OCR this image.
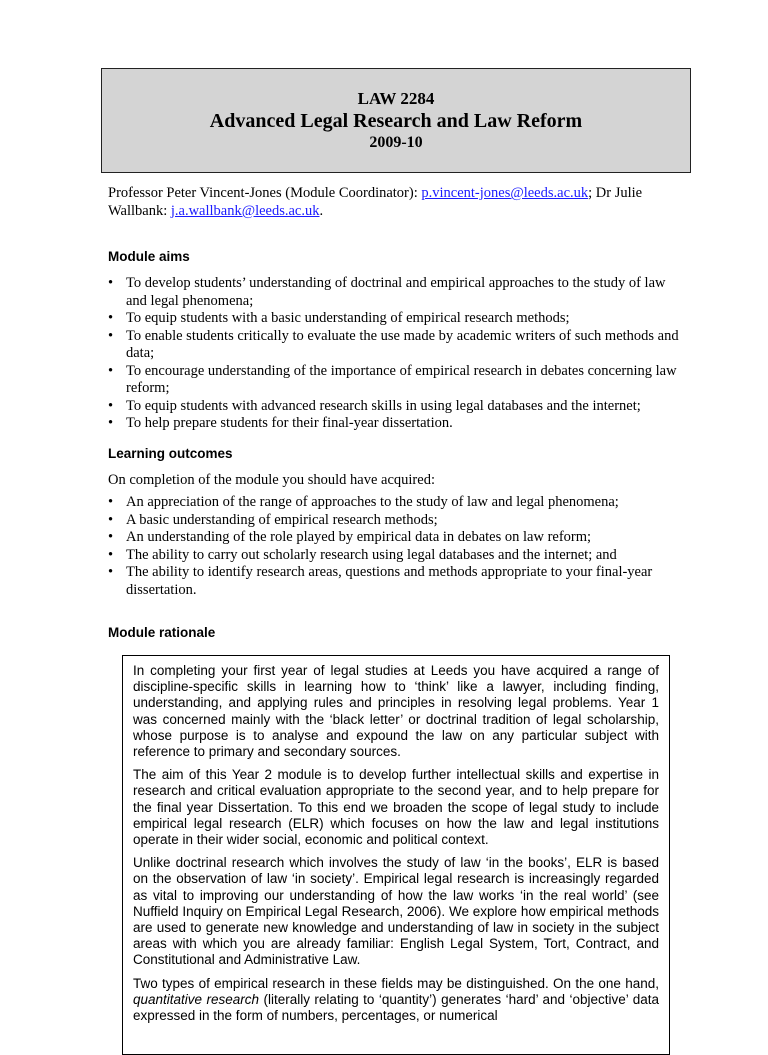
LAW 2284
Advanced Legal Research and Law Reform
2009-10
Professor Peter Vincent-Jones (Module Coordinator): p.vincent-jones@leeds.ac.uk; Dr Julie Wallbank: j.a.wallbank@leeds.ac.uk.
Module aims
• To develop students’ understanding of doctrinal and empirical approaches to the study of law and legal phenomena;
• To equip students with a basic understanding of empirical research methods;
• To enable students critically to evaluate the use made by academic writers of such methods and data;
• To encourage understanding of the importance of empirical research in debates concerning law reform;
• To equip students with advanced research skills in using legal databases and the internet;
• To help prepare students for their final-year dissertation.
Learning outcomes
On completion of the module you should have acquired:
• An appreciation of the range of approaches to the study of law and legal phenomena;
• A basic understanding of empirical research methods;
• An understanding of the role played by empirical data in debates on law reform;
• The ability to carry out scholarly research using legal databases and the internet; and
• The ability to identify research areas, questions and methods appropriate to your final-year dissertation.
Module rationale

In completing your first year of legal studies at Leeds you have acquired a range of discipline-specific skills in learning how to ‘think’ like a lawyer, including finding, understanding, and applying rules and principles in resolving legal problems. Year 1 was concerned mainly with the ‘black letter’ or doctrinal tradition of legal scholarship, whose purpose is to analyse and expound the law on any particular subject with reference to primary and secondary sources.

The aim of this Year 2 module is to develop further intellectual skills and expertise in research and critical evaluation appropriate to the second year, and to help prepare for the final year Dissertation. To this end we broaden the scope of legal study to include empirical legal research (ELR) which focuses on how the law and legal institutions operate in their wider social, economic and political context.

Unlike doctrinal research which involves the study of law ‘in the books’, ELR is based on the observation of law ‘in society’. Empirical legal research is increasingly regarded as vital to improving our understanding of how the law works ‘in the real world’ (see Nuffield Inquiry on Empirical Legal Research, 2006). We explore how empirical methods are used to generate new knowledge and understanding of law in society in the subject areas with which you are already familiar: English Legal System, Tort, Contract, and Constitutional and Administrative Law.

Two types of empirical research in these fields may be distinguished. On the one hand, quantitative research (literally relating to ‘quantity’) generates ‘hard’ and ‘objective’ data expressed in the form of numbers, percentages, or numerical
